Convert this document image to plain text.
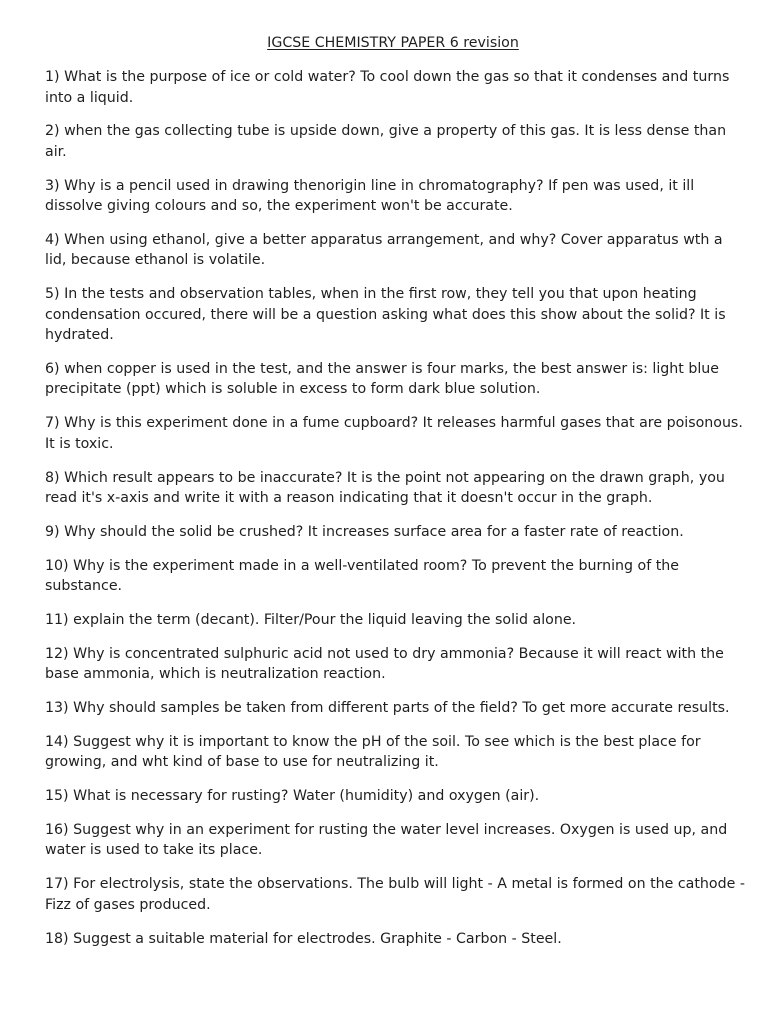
IGCSE CHEMISTRY PAPER 6 revision

1) What is the purpose of ice or cold water? To cool down the gas so that it condenses and turns into a liquid.

2) when the gas collecting tube is upside down, give a property of this gas. It is less dense than air.

3) Why is a pencil used in drawing thenorigin line in chromatography? If pen was used, it ill dissolve giving colours and so, the experiment won't be accurate.

4) When using ethanol, give a better apparatus arrangement, and why? Cover apparatus wth a lid, because ethanol is volatile.

5) In the tests and observation tables, when in the first row, they tell you that upon heating condensation occured, there will be a question asking what does this show about the solid? It is hydrated.

6) when copper is used in the test, and the answer is four marks, the best answer is: light blue precipitate (ppt) which is soluble in excess to form dark blue solution.

7) Why is this experiment done in a fume cupboard? It releases harmful gases that are poisonous. It is toxic.

8) Which result appears to be inaccurate? It is the point not appearing on the drawn graph, you read it's x-axis and write it with a reason indicating that it doesn't occur in the graph.

9) Why should the solid be crushed? It increases surface area for a faster rate of reaction.

10) Why is the experiment made in a well-ventilated room? To prevent the burning of the substance.

11) explain the term (decant). Filter/Pour the liquid leaving the solid alone.

12) Why is concentrated sulphuric acid not used to dry ammonia? Because it will react with the base ammonia, which is neutralization reaction.

13) Why should samples be taken from different parts of the field? To get more accurate results.

14) Suggest why it is important to know the pH of the soil. To see which is the best place for growing, and wht kind of base to use for neutralizing it.

15) What is necessary for rusting? Water (humidity) and oxygen (air).

16) Suggest why in an experiment for rusting the water level increases. Oxygen is used up, and water is used to take its place.

17) For electrolysis, state the observations. The bulb will light - A metal is formed on the cathode - Fizz of gases produced.

18) Suggest a suitable material for electrodes. Graphite - Carbon - Steel.
